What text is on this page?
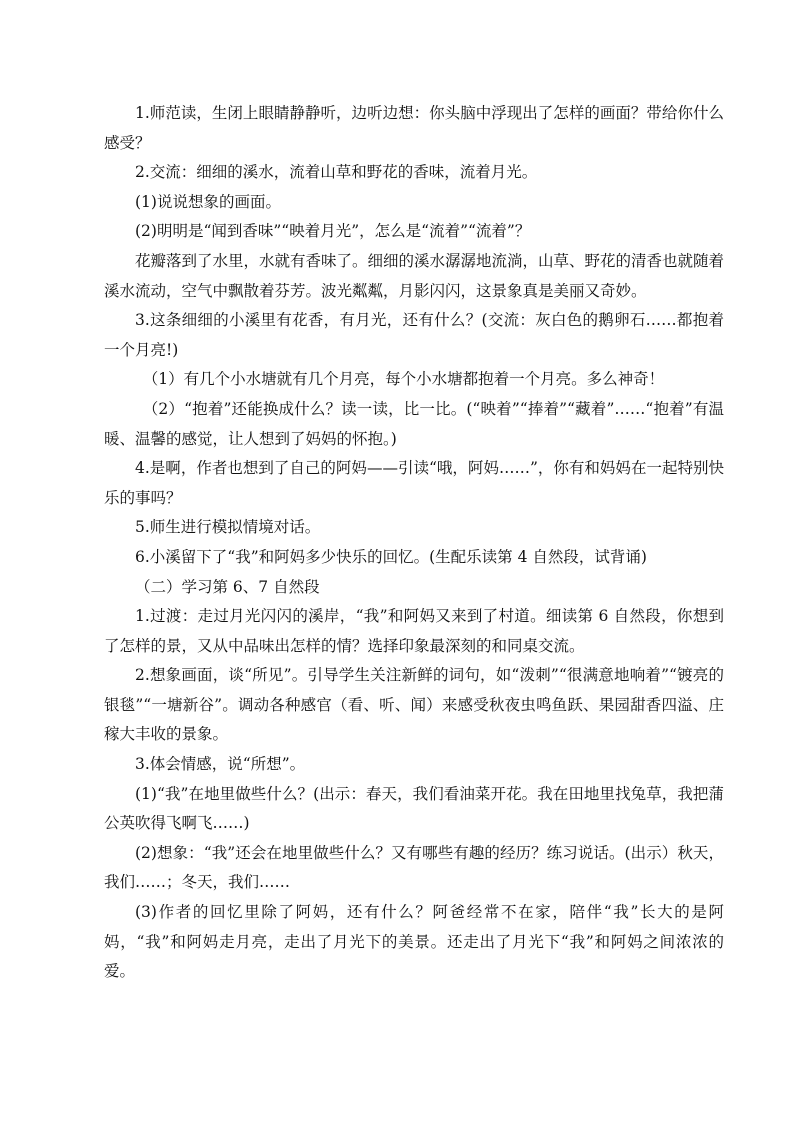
1.师范读，生闭上眼睛静静听，边听边想：你头脑中浮现出了怎样的画面？带给你什么感受？

2.交流：细细的溪水，流着山草和野花的香味，流着月光。

(1)说说想象的画面。

(2)明明是“闻到香味”“映着月光”，怎么是“流着”“流着”？

花瓣落到了水里，水就有香味了。细细的溪水潺潺地流淌，山草、野花的清香也就随着溪水流动，空气中飘散着芬芳。波光粼粼，月影闪闪，这景象真是美丽又奇妙。

3.这条细细的小溪里有花香，有月光，还有什么？(交流：灰白色的鹅卵石……都抱着一个月亮!)

（1）有几个小水塘就有几个月亮，每个小水塘都抱着一个月亮。多么神奇！

（2）“抱着”还能换成什么？读一读，比一比。(“映着”“捧着”“藏着”……“抱着”有温暖、温馨的感觉，让人想到了妈妈的怀抱。)

4.是啊，作者也想到了自己的阿妈——引读“哦，阿妈……”，你有和妈妈在一起特别快乐的事吗？

5.师生进行模拟情境对话。

6.小溪留下了“我”和阿妈多少快乐的回忆。(生配乐读第 4 自然段，试背诵)

（二）学习第 6、7 自然段

1.过渡：走过月光闪闪的溪岸，“我”和阿妈又来到了村道。细读第 6 自然段，你想到了怎样的景，又从中品味出怎样的情？选择印象最深刻的和同桌交流。

2.想象画面，谈“所见”。引导学生关注新鲜的词句，如“泼刺”“很满意地响着”“镀亮的银毯”“一塘新谷”。调动各种感官（看、听、闻）来感受秋夜虫鸣鱼跃、果园甜香四溢、庄稼大丰收的景象。

3.体会情感，说“所想”。

(1)“我”在地里做些什么？(出示：春天，我们看油菜开花。我在田地里找兔草，我把蒲公英吹得飞啊飞……)

(2)想象：“我”还会在地里做些什么？又有哪些有趣的经历？练习说话。(出示）秋天，我们……；冬天，我们……

(3)作者的回忆里除了阿妈，还有什么？阿爸经常不在家，陪伴“我”长大的是阿妈，“我”和阿妈走月亮，走出了月光下的美景。还走出了月光下“我”和阿妈之间浓浓的爱。
